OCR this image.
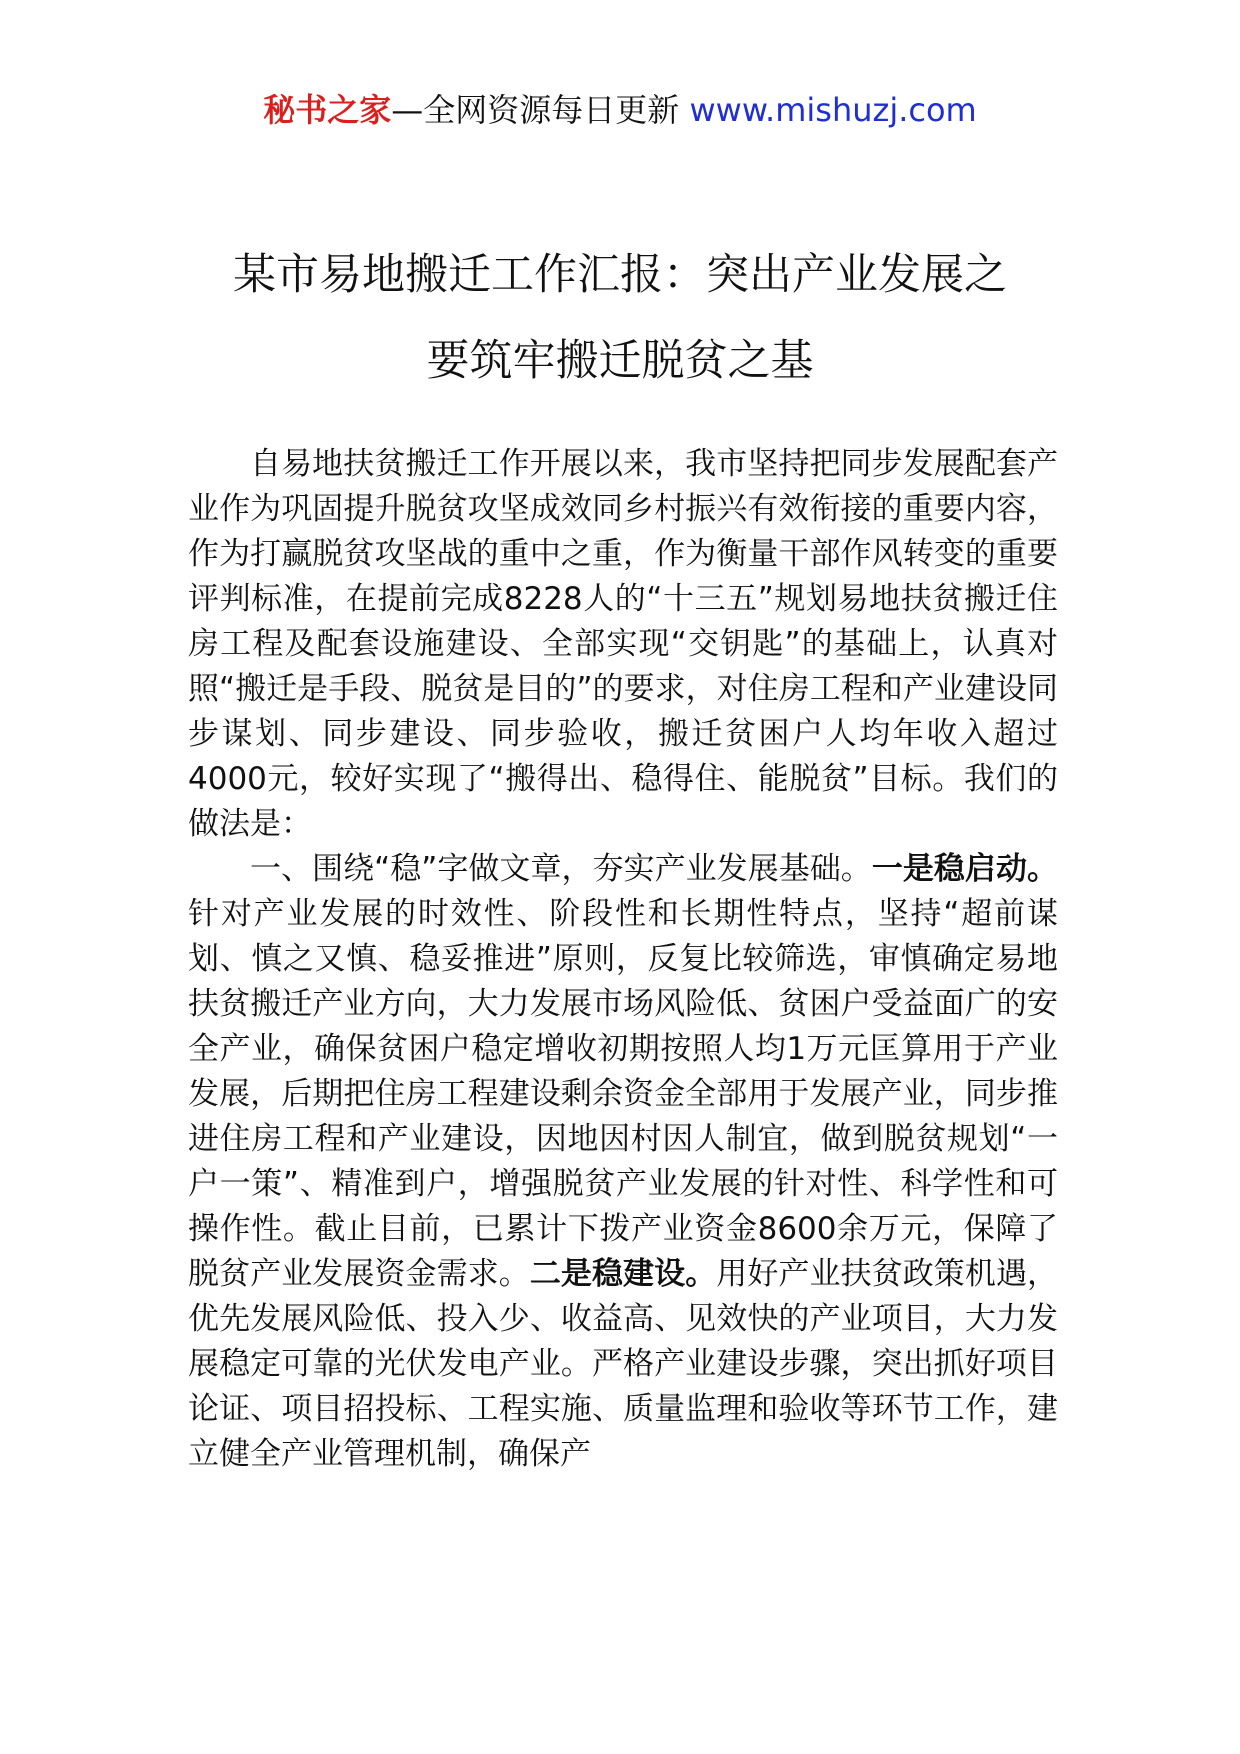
秘书之家—全网资源每日更新 www.mishuzj.com
某市易地搬迁工作汇报：突出产业发展之
要筑牢搬迁脱贫之基

自易地扶贫搬迁工作开展以来，我市坚持把同步发展配套产业作为巩固提升脱贫攻坚成效同乡村振兴有效衔接的重要内容，作为打赢脱贫攻坚战的重中之重，作为衡量干部作风转变的重要评判标准，在提前完成8228人的“十三五”规划易地扶贫搬迁住房工程及配套设施建设、全部实现“交钥匙”的基础上，认真对照“搬迁是手段、脱贫是目的”的要求，对住房工程和产业建设同步谋划、同步建设、同步验收，搬迁贫困户人均年收入超过4000元，较好实现了“搬得出、稳得住、能脱贫”目标。我们的做法是：

一、围绕“稳”字做文章，夯实产业发展基础。一是稳启动。针对产业发展的时效性、阶段性和长期性特点，坚持“超前谋划、慎之又慎、稳妥推进”原则，反复比较筛选，审慎确定易地扶贫搬迁产业方向，大力发展市场风险低、贫困户受益面广的安全产业，确保贫困户稳定增收初期按照人均1万元匡算用于产业发展，后期把住房工程建设剩余资金全部用于发展产业，同步推进住房工程和产业建设，因地因村因人制宜，做到脱贫规划“一户一策”、精准到户，增强脱贫产业发展的针对性、科学性和可操作性。截止目前，已累计下拨产业资金8600余万元，保障了脱贫产业发展资金需求。二是稳建设。用好产业扶贫政策机遇，优先发展风险低、投入少、收益高、见效快的产业项目，大力发展稳定可靠的光伏发电产业。严格产业建设步骤，突出抓好项目论证、项目招投标、工程实施、质量监理和验收等环节工作，建立健全产业管理机制，确保产
